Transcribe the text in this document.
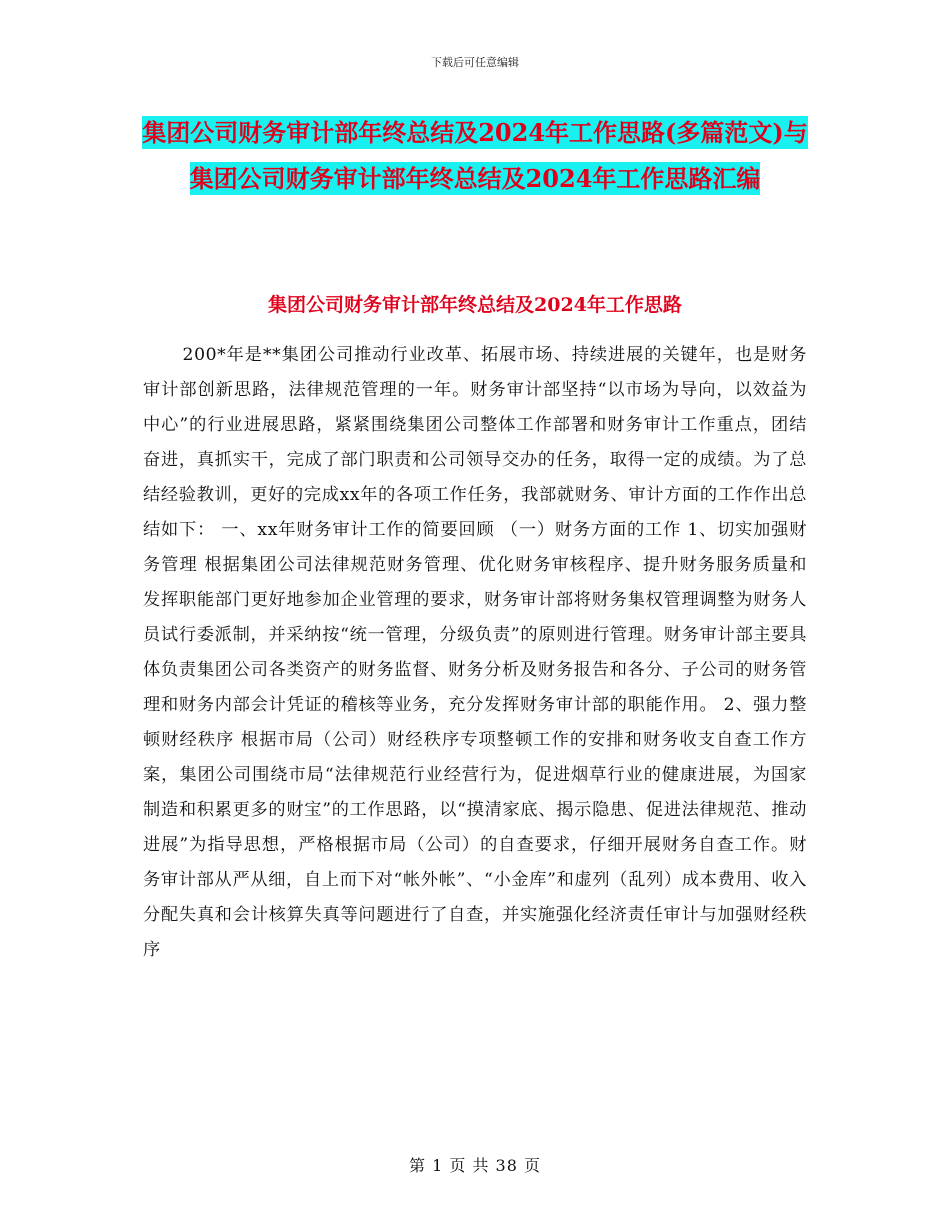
下载后可任意编辑
集团公司财务审计部年终总结及2024年工作思路(多篇范文)与集团公司财务审计部年终总结及2024年工作思路汇编
集团公司财务审计部年终总结及2024年工作思路

200*年是**集团公司推动行业改革、拓展市场、持续进展的关键年，也是财务审计部创新思路，法律规范管理的一年。财务审计部坚持“以市场为导向，以效益为中心”的行业进展思路，紧紧围绕集团公司整体工作部署和财务审计工作重点，团结奋进，真抓实干，完成了部门职责和公司领导交办的任务，取得一定的成绩。为了总结经验教训，更好的完成xx年的各项工作任务，我部就财务、审计方面的工作作出总结如下： 一、xx年财务审计工作的简要回顾 （一）财务方面的工作 1、切实加强财务管理 根据集团公司法律规范财务管理、优化财务审核程序、提升财务服务质量和发挥职能部门更好地参加企业管理的要求，财务审计部将财务集权管理调整为财务人员试行委派制，并采纳按“统一管理，分级负责”的原则进行管理。财务审计部主要具体负责集团公司各类资产的财务监督、财务分析及财务报告和各分、子公司的财务管理和财务内部会计凭证的稽核等业务，充分发挥财务审计部的职能作用。 2、强力整顿财经秩序 根据市局（公司）财经秩序专项整顿工作的安排和财务收支自查工作方案，集团公司围绕市局“法律规范行业经营行为，促进烟草行业的健康进展，为国家制造和积累更多的财宝”的工作思路，以“摸清家底、揭示隐患、促进法律规范、推动进展”为指导思想，严格根据市局（公司）的自查要求，仔细开展财务自查工作。财务审计部从严从细，自上而下对“帐外帐”、“小金库”和虚列（乱列）成本费用、收入分配失真和会计核算失真等问题进行了自查，并实施强化经济责任审计与加强财经秩序

第 1 页 共 38 页
